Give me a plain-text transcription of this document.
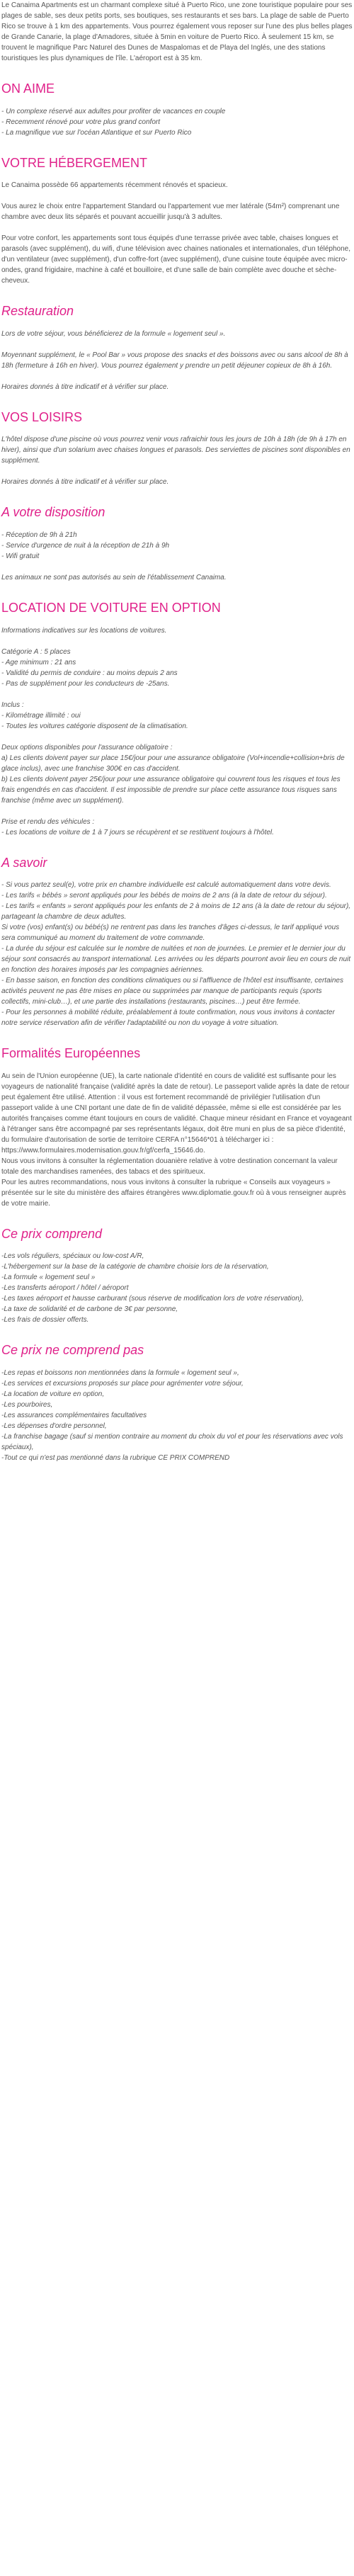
Le Canaima Apartments est un charmant complexe situé à Puerto Rico, une zone touristique populaire pour ses plages de sable, ses deux petits ports, ses boutiques, ses restaurants et ses bars. La plage de sable de Puerto Rico se trouve à 1 km des appartements. Vous pourrez également vous reposer sur l'une des plus belles plages de Grande Canarie, la plage d'Amadores, située à 5min en voiture de Puerto Rico. À seulement 15 km, se trouvent le magnifique Parc Naturel des Dunes de Maspalomas et de Playa del Inglés, une des stations touristiques les plus dynamiques de l'île. L'aéroport est à 35 km.

ON AIME

- Un complexe réservé aux adultes pour profiter de vacances en couple
- Recemment rénové pour votre plus grand confort
- La magnifique vue sur l'océan Atlantique et sur Puerto Rico

VOTRE HÉBERGEMENT

Le Canaima possède 66 appartements récemment rénovés et spacieux.

Vous aurez le choix entre l'appartement Standard ou l'appartement vue mer latérale (54m²) comprenant une chambre avec deux lits séparés et pouvant accueillir jusqu'à 3 adultes.

Pour votre confort, les appartements sont tous équipés d'une terrasse privée avec table, chaises longues et parasols (avec supplément), du wifi, d'une télévision avec chaines nationales et internationales, d'un téléphone, d'un ventilateur (avec supplément), d'un coffre-fort (avec supplément), d'une cuisine toute équipée avec micro-ondes, grand frigidaire, machine à café et bouilloire, et d'une salle de bain complète avec douche et sèche-cheveux.

Restauration

Lors de votre séjour, vous bénéficierez de la formule « logement seul ».

Moyennant supplément, le « Pool Bar » vous propose des snacks et des boissons avec ou sans alcool de 8h à 18h (fermeture à 16h en hiver). Vous pourrez également y prendre un petit déjeuner copieux de 8h à 16h.

Horaires donnés à titre indicatif et à vérifier sur place.

VOS LOISIRS

L'hôtel dispose d'une piscine où vous pourrez venir vous rafraichir tous les jours de 10h à 18h (de 9h à 17h en hiver), ainsi que d'un solarium avec chaises longues et parasols. Des serviettes de piscines sont disponibles en supplément.

Horaires donnés à titre indicatif et à vérifier sur place.

A votre disposition

- Réception de 9h à 21h
- Service d'urgence de nuit à la réception de 21h à 9h
- Wifi gratuit

Les animaux ne sont pas autorisés au sein de l'établissement Canaima.

LOCATION DE VOITURE EN OPTION

Informations indicatives sur les locations de voitures.

Catégorie A : 5 places
- Age minimum : 21 ans
- Validité du permis de conduire : au moins depuis 2 ans
- Pas de supplément pour les conducteurs de -25ans.

Inclus :
- Kilométrage illimité : oui
- Toutes les voitures catégorie disposent de la climatisation.

Deux options disponibles pour l'assurance obligatoire :
a) Les clients doivent payer sur place 15€/jour pour une assurance obligatoire (Vol+incendie+collision+bris de glace inclus), avec une franchise 300€ en cas d'accident.
b) Les clients doivent payer 25€/jour pour une assurance obligatoire qui couvrent tous les risques et tous les frais engendrés en cas d'accident. Il est impossible de prendre sur place cette assurance tous risques sans franchise (même avec un supplément).

Prise et rendu des véhicules :
- Les locations de voiture de 1 à 7 jours se récupèrent et se restituent toujours à l'hôtel.

A savoir

- Si vous partez seul(e), votre prix en chambre individuelle est calculé automatiquement dans votre devis.
- Les tarifs « bébés » seront appliqués pour les bébés de moins de 2 ans (à la date de retour du séjour).
- Les tarifs « enfants » seront appliqués pour les enfants de 2 à moins de 12 ans (à la date de retour du séjour), partageant la chambre de deux adultes.
Si votre (vos) enfant(s) ou bébé(s) ne rentrent pas dans les tranches d'âges ci-dessus, le tarif appliqué vous sera communiqué au moment du traitement de votre commande.
- La durée du séjour est calculée sur le nombre de nuitées et non de journées. Le premier et le dernier jour du séjour sont consacrés au transport international. Les arrivées ou les départs pourront avoir lieu en cours de nuit en fonction des horaires imposés par les compagnies aériennes.
- En basse saison, en fonction des conditions climatiques ou si l'affluence de l'hôtel est insuffisante, certaines activités peuvent ne pas être mises en place ou supprimées par manque de participants requis (sports collectifs, mini-club…), et une partie des installations (restaurants, piscines…) peut être fermée.
- Pour les personnes à mobilité réduite, préalablement à toute confirmation, nous vous invitons à contacter notre service réservation afin de vérifier l'adaptabilité ou non du voyage à votre situation.

Formalités Européennes

Au sein de l'Union européenne (UE), la carte nationale d'identité en cours de validité est suffisante pour les voyageurs de nationalité française (validité après la date de retour). Le passeport valide après la date de retour peut également être utilisé. Attention : il vous est fortement recommandé de privilégier l'utilisation d'un passeport valide à une CNI portant une date de fin de validité dépassée, même si elle est considérée par les autorités françaises comme étant toujours en cours de validité. Chaque mineur résidant en France et voyageant à l'étranger sans être accompagné par ses représentants légaux, doit être muni en plus de sa pièce d'identité, du formulaire d'autorisation de sortie de territoire CERFA n°15646*01 à télécharger ici :
https://www.formulaires.modernisation.gouv.fr/gf/cerfa_15646.do.
Nous vous invitons à consulter la réglementation douanière relative à votre destination concernant la valeur totale des marchandises ramenées, des tabacs et des spiritueux.
Pour les autres recommandations, nous vous invitons à consulter la rubrique « Conseils aux voyageurs » présentée sur le site du ministère des affaires étrangères www.diplomatie.gouv.fr où à vous renseigner auprès de votre mairie.

Ce prix comprend

-Les vols réguliers, spéciaux ou low-cost A/R,
-L'hébergement sur la base de la catégorie de chambre choisie lors de la réservation,
-La formule « logement seul »
-Les transferts aéroport / hôtel / aéroport
-Les taxes aéroport et hausse carburant (sous réserve de modification lors de votre réservation),
-La taxe de solidarité et de carbone de 3€ par personne,
-Les frais de dossier offerts.

Ce prix ne comprend pas

-Les repas et boissons non mentionnées dans la formule « logement seul »,
-Les services et excursions proposés sur place pour agrémenter votre séjour,
-La location de voiture en option,
-Les pourboires,
-Les assurances complémentaires facultatives
-Les dépenses d'ordre personnel,
-La franchise bagage (sauf si mention contraire au moment du choix du vol et pour les réservations avec vols spéciaux),
-Tout ce qui n'est pas mentionné dans la rubrique CE PRIX COMPREND
